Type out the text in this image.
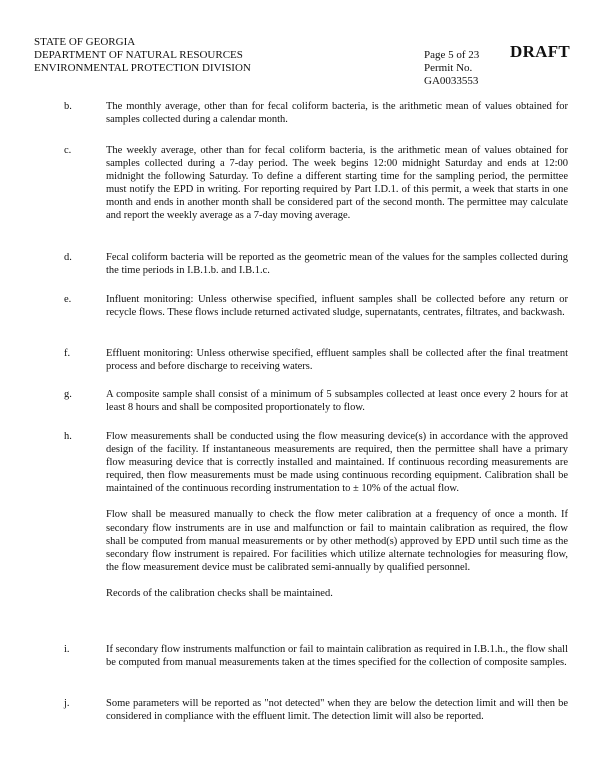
STATE OF GEORGIA
DEPARTMENT OF NATURAL RESOURCES
ENVIRONMENTAL PROTECTION DIVISION
Page 5 of 23
Permit No. GA0033553
DRAFT
b.	The monthly average, other than for fecal coliform bacteria, is the arithmetic mean of values obtained for samples collected during a calendar month.

c.	The weekly average, other than for fecal coliform bacteria, is the arithmetic mean of values obtained for samples collected during a 7-day period. The week begins 12:00 midnight Saturday and ends at 12:00 midnight the following Saturday. To define a different starting time for the sampling period, the permittee must notify the EPD in writing. For reporting required by Part I.D.1. of this permit, a week that starts in one month and ends in another month shall be considered part of the second month. The permittee may calculate and report the weekly average as a 7-day moving average.

d.	Fecal coliform bacteria will be reported as the geometric mean of the values for the samples collected during the time periods in I.B.1.b. and I.B.1.c.

e.	Influent monitoring: Unless otherwise specified, influent samples shall be collected before any return or recycle flows. These flows include returned activated sludge, supernatants, centrates, filtrates, and backwash.

f.	Effluent monitoring: Unless otherwise specified, effluent samples shall be collected after the final treatment process and before discharge to receiving waters.

g.	A composite sample shall consist of a minimum of 5 subsamples collected at least once every 2 hours for at least 8 hours and shall be composited proportionately to flow.

h.	Flow measurements shall be conducted using the flow measuring device(s) in accordance with the approved design of the facility. If instantaneous measurements are required, then the permittee shall have a primary flow measuring device that is correctly installed and maintained. If continuous recording measurements are required, then flow measurements must be made using continuous recording equipment. Calibration shall be maintained of the continuous recording instrumentation to ± 10% of the actual flow.

Flow shall be measured manually to check the flow meter calibration at a frequency of once a month. If secondary flow instruments are in use and malfunction or fail to maintain calibration as required, the flow shall be computed from manual measurements or by other method(s) approved by EPD until such time as the secondary flow instrument is repaired. For facilities which utilize alternate technologies for measuring flow, the flow measurement device must be calibrated semi-annually by qualified personnel.

Records of the calibration checks shall be maintained.

i.	If secondary flow instruments malfunction or fail to maintain calibration as required in I.B.1.h., the flow shall be computed from manual measurements taken at the times specified for the collection of composite samples.

j.	Some parameters will be reported as "not detected" when they are below the detection limit and will then be considered in compliance with the effluent limit. The detection limit will also be reported.
